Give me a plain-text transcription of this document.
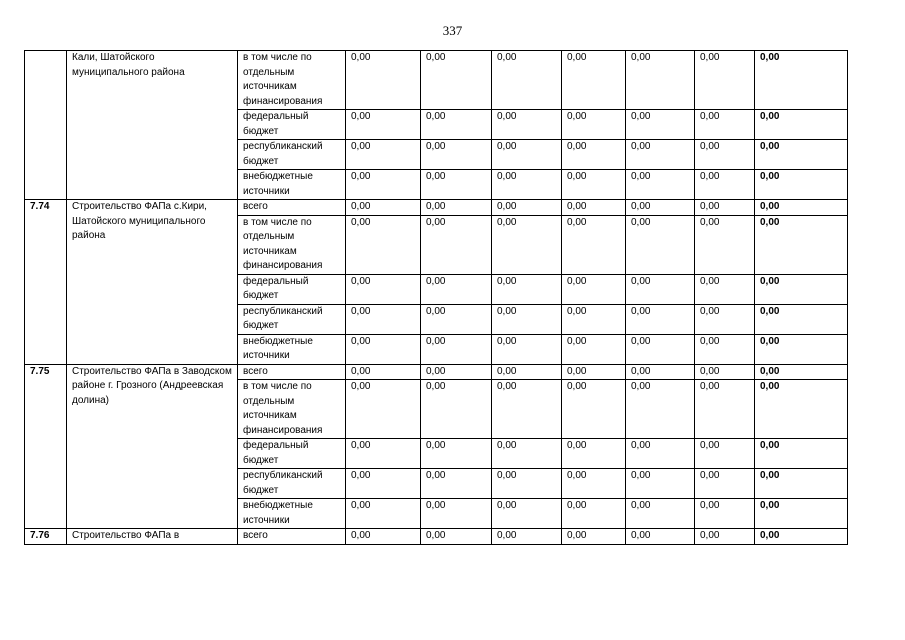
337
	Кали, Шатойского муниципального района	в том числе по отдельным источникам финансирования	0,00	0,00	0,00	0,00	0,00	0,00	0,00
		федеральный бюджет	0,00	0,00	0,00	0,00	0,00	0,00	0,00
		республиканский бюджет	0,00	0,00	0,00	0,00	0,00	0,00	0,00
		внебюджетные источники	0,00	0,00	0,00	0,00	0,00	0,00	0,00
7.74	Строительство ФАПа с.Кири, Шатойского муниципального района	всего	0,00	0,00	0,00	0,00	0,00	0,00	0,00
		в том числе по отдельным источникам финансирования	0,00	0,00	0,00	0,00	0,00	0,00	0,00
		федеральный бюджет	0,00	0,00	0,00	0,00	0,00	0,00	0,00
		республиканский бюджет	0,00	0,00	0,00	0,00	0,00	0,00	0,00
		внебюджетные источники	0,00	0,00	0,00	0,00	0,00	0,00	0,00
7.75	Строительство ФАПа в Заводском районе г. Грозного (Андреевская долина)	всего	0,00	0,00	0,00	0,00	0,00	0,00	0,00
		в том числе по отдельным источникам финансирования	0,00	0,00	0,00	0,00	0,00	0,00	0,00
		федеральный бюджет	0,00	0,00	0,00	0,00	0,00	0,00	0,00
		республиканский бюджет	0,00	0,00	0,00	0,00	0,00	0,00	0,00
		внебюджетные источники	0,00	0,00	0,00	0,00	0,00	0,00	0,00
7.76	Строительство ФАПа в	всего	0,00	0,00	0,00	0,00	0,00	0,00	0,00
